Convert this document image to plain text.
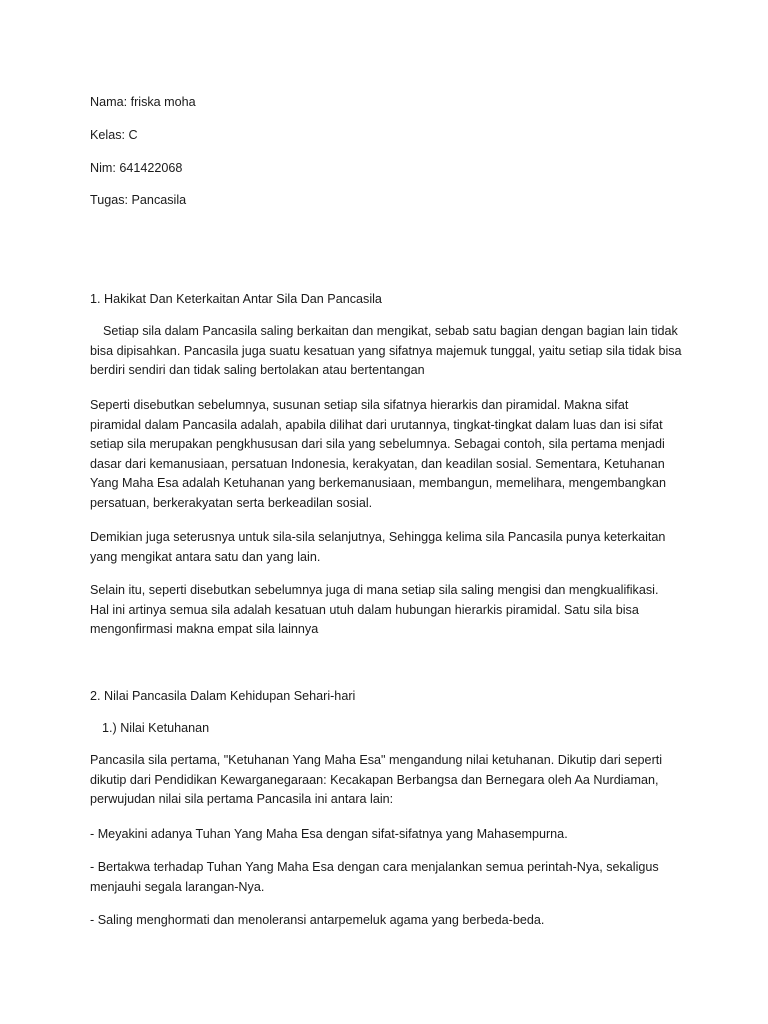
Nama: friska moha
Kelas: C
Nim: 641422068
Tugas: Pancasila
1. Hakikat Dan Keterkaitan Antar Sila Dan Pancasila
Setiap sila dalam Pancasila saling berkaitan dan mengikat, sebab satu bagian dengan bagian lain tidak
bisa dipisahkan. Pancasila juga suatu kesatuan yang sifatnya majemuk tunggal, yaitu setiap sila tidak bisa
berdiri sendiri dan tidak saling bertolakan atau bertentangan
Seperti disebutkan sebelumnya, susunan setiap sila sifatnya hierarkis dan piramidal. Makna sifat
piramidal dalam Pancasila adalah, apabila dilihat dari urutannya, tingkat-tingkat dalam luas dan isi sifat
setiap sila merupakan pengkhususan dari sila yang sebelumnya. Sebagai contoh, sila pertama menjadi
dasar dari kemanusiaan, persatuan Indonesia, kerakyatan, dan keadilan sosial. Sementara, Ketuhanan
Yang Maha Esa adalah Ketuhanan yang berkemanusiaan, membangun, memelihara, mengembangkan
persatuan, berkerakyatan serta berkeadilan sosial.
Demikian juga seterusnya untuk sila-sila selanjutnya, Sehingga kelima sila Pancasila punya keterkaitan
yang mengikat antara satu dan yang lain.
Selain itu, seperti disebutkan sebelumnya juga di mana setiap sila saling mengisi dan mengkualifikasi.
Hal ini artinya semua sila adalah kesatuan utuh dalam hubungan hierarkis piramidal. Satu sila bisa
mengonfirmasi makna empat sila lainnya
2. Nilai Pancasila Dalam Kehidupan Sehari-hari
1.) Nilai Ketuhanan
Pancasila sila pertama, "Ketuhanan Yang Maha Esa" mengandung nilai ketuhanan. Dikutip dari seperti
dikutip dari Pendidikan Kewarganegaraan: Kecakapan Berbangsa dan Bernegara oleh Aa Nurdiaman,
perwujudan nilai sila pertama Pancasila ini antara lain:
- Meyakini adanya Tuhan Yang Maha Esa dengan sifat-sifatnya yang Mahasempurna.
- Bertakwa terhadap Tuhan Yang Maha Esa dengan cara menjalankan semua perintah-Nya, sekaligus
menjauhi segala larangan-Nya.
- Saling menghormati dan menoleransi antarpemeluk agama yang berbeda-beda.
